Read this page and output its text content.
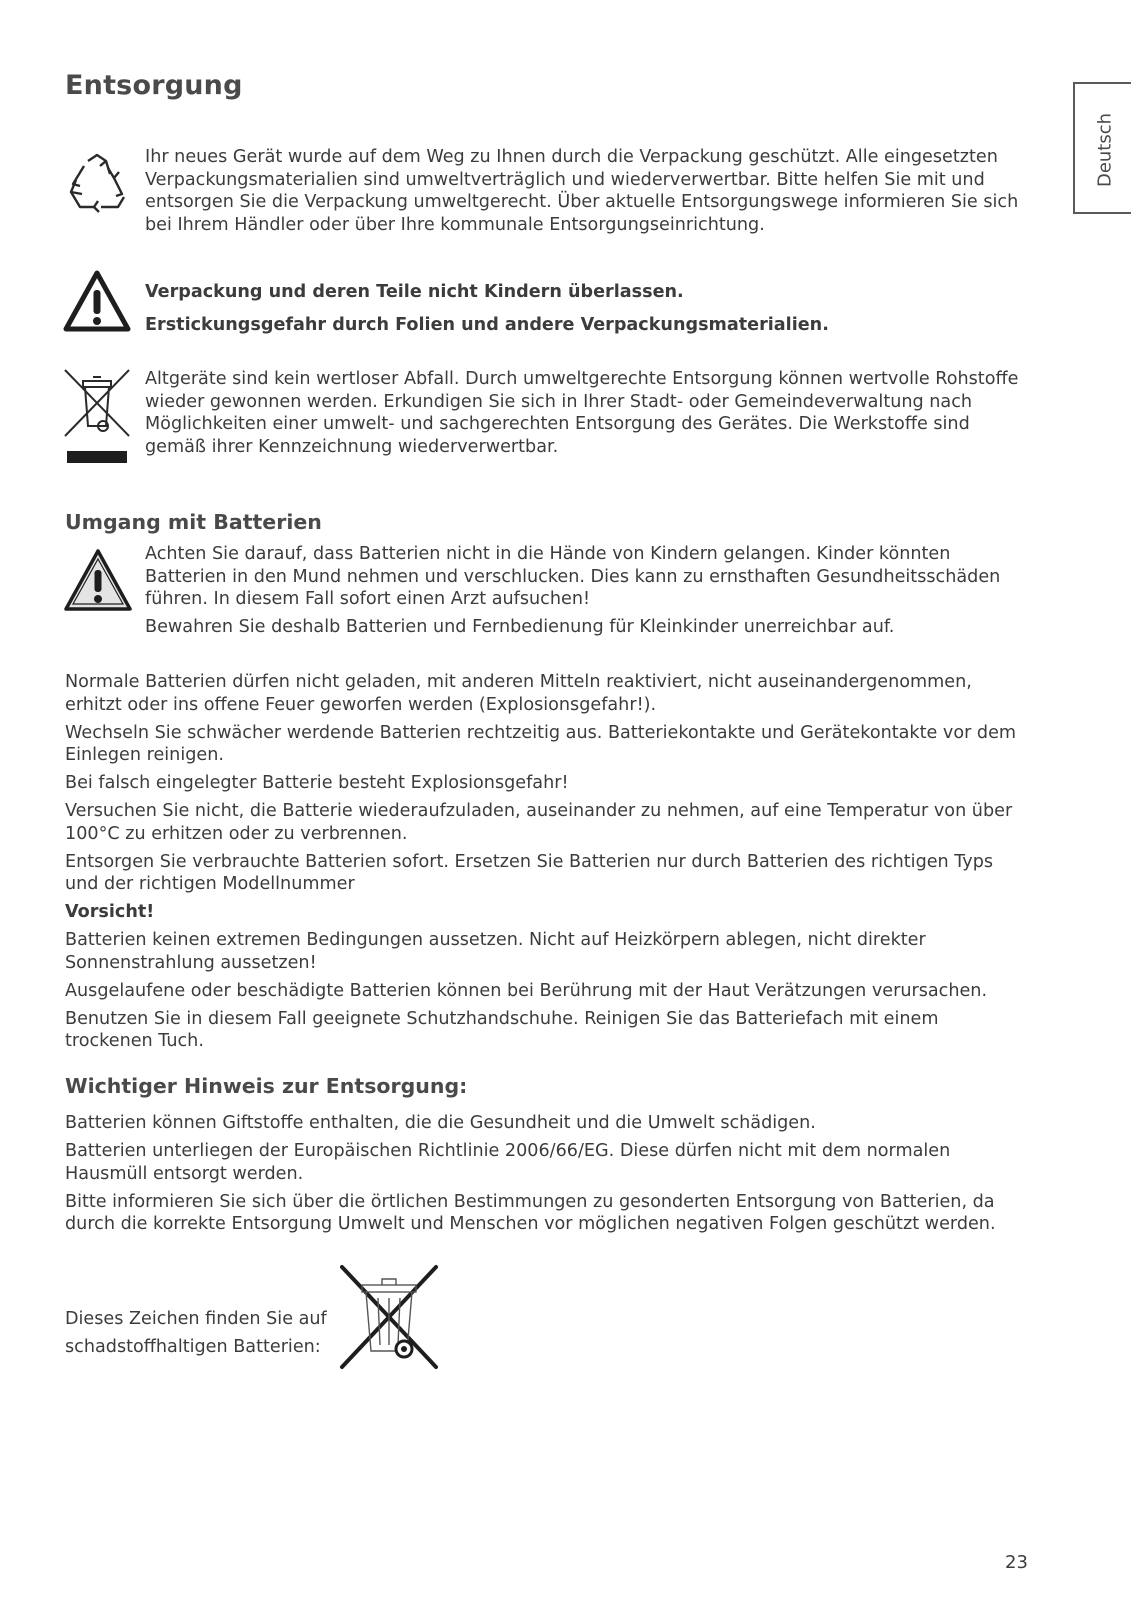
Entsorgung
Deutsch

Ihr neues Gerät wurde auf dem Weg zu Ihnen durch die Verpackung geschützt. Alle eingesetzten Verpackungsmaterialien sind umweltverträglich und wiederverwertbar. Bitte helfen Sie mit und entsorgen Sie die Verpackung umweltgerecht. Über aktuelle Entsorgungswege informieren Sie sich bei Ihrem Händler oder über Ihre kommunale Entsorgungseinrichtung.

Verpackung und deren Teile nicht Kindern überlassen.

Erstickungsgefahr durch Folien und andere Verpackungsmaterialien.

Altgeräte sind kein wertloser Abfall. Durch umweltgerechte Entsorgung können wertvolle Rohstoffe wieder gewonnen werden. Erkundigen Sie sich in Ihrer Stadt- oder Gemeindeverwaltung nach Möglichkeiten einer umwelt- und sachgerechten Entsorgung des Gerätes. Die Werkstoffe sind gemäß ihrer Kennzeichnung wiederverwertbar.

Umgang mit Batterien

Achten Sie darauf, dass Batterien nicht in die Hände von Kindern gelangen. Kinder könnten Batterien in den Mund nehmen und verschlucken. Dies kann zu ernsthaften Gesundheitsschäden führen. In diesem Fall sofort einen Arzt aufsuchen!

Bewahren Sie deshalb Batterien und Fernbedienung für Kleinkinder unerreichbar auf.

Normale Batterien dürfen nicht geladen, mit anderen Mitteln reaktiviert, nicht auseinandergenommen, erhitzt oder ins offene Feuer geworfen werden (Explosionsgefahr!).

Wechseln Sie schwächer werdende Batterien rechtzeitig aus. Batteriekontakte und Gerätekontakte vor dem Einlegen reinigen.

Bei falsch eingelegter Batterie besteht Explosionsgefahr!

Versuchen Sie nicht, die Batterie wiederaufzuladen, auseinander zu nehmen, auf eine Temperatur von über 100°C zu erhitzen oder zu verbrennen.

Entsorgen Sie verbrauchte Batterien sofort. Ersetzen Sie Batterien nur durch Batterien des richtigen Typs und der richtigen Modellnummer

Vorsicht!

Batterien keinen extremen Bedingungen aussetzen. Nicht auf Heizkörpern ablegen, nicht direkter Sonnenstrahlung aussetzen!

Ausgelaufene oder beschädigte Batterien können bei Berührung mit der Haut Verätzungen verursachen.

Benutzen Sie in diesem Fall geeignete Schutzhandschuhe. Reinigen Sie das Batteriefach mit einem trockenen Tuch.

Wichtiger Hinweis zur Entsorgung:

Batterien können Giftstoffe enthalten, die die Gesundheit und die Umwelt schädigen.

Batterien unterliegen der Europäischen Richtlinie 2006/66/EG. Diese dürfen nicht mit dem normalen Hausmüll entsorgt werden.

Bitte informieren Sie sich über die örtlichen Bestimmungen zu gesonderten Entsorgung von Batterien, da durch die korrekte Entsorgung Umwelt und Menschen vor möglichen negativen Folgen geschützt werden.

Dieses Zeichen finden Sie auf

schadstoffhaltigen Batterien:

23
